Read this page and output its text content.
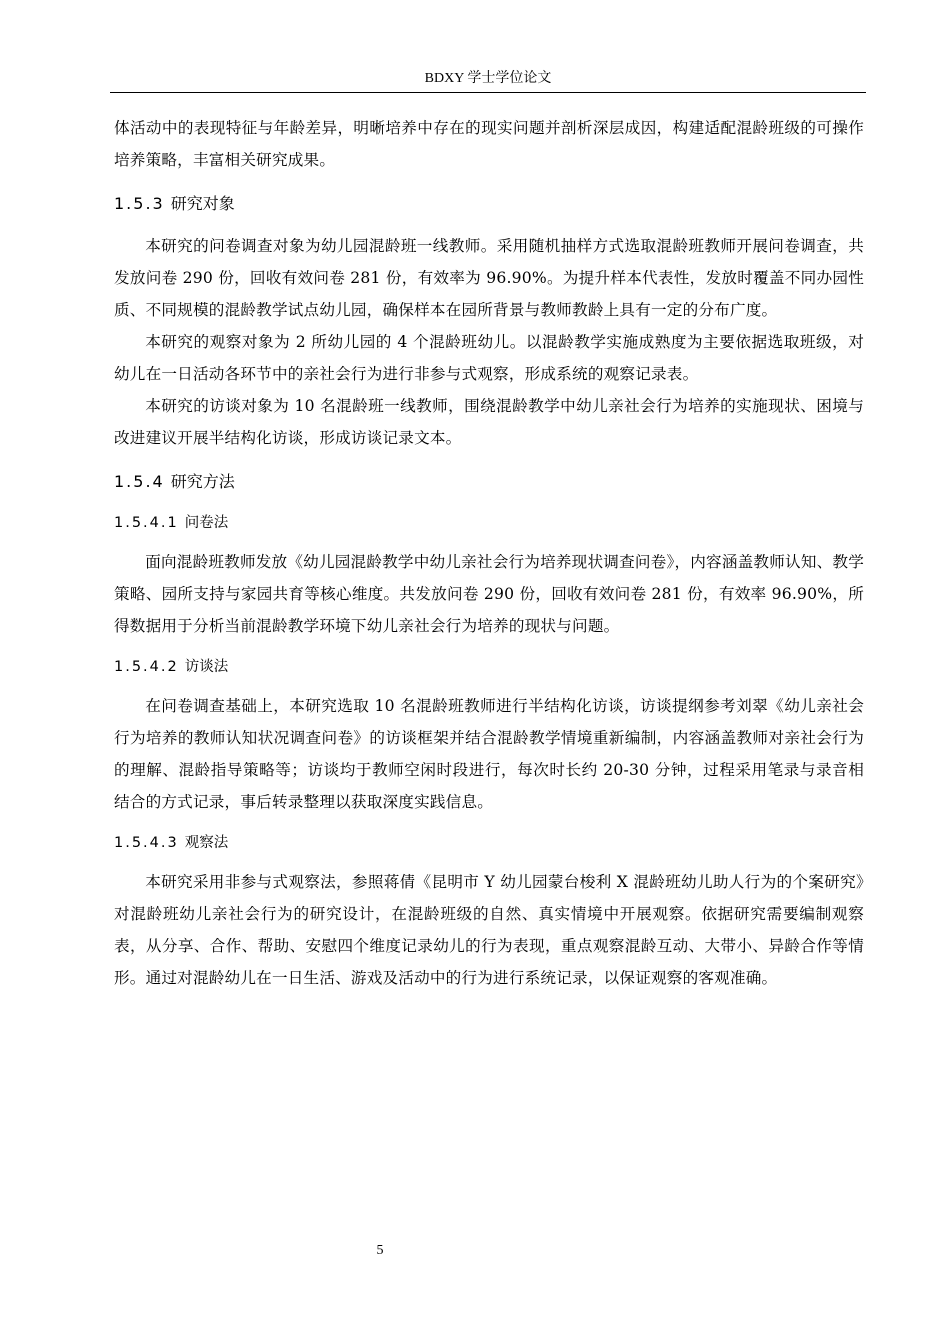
BDXY 学士学位论文

体活动中的表现特征与年龄差异，明晰培养中存在的现实问题并剖析深层成因，构建适配混龄班级的可操作培养策略，丰富相关研究成果。

1.5.3 研究对象

本研究的问卷调查对象为幼儿园混龄班一线教师。采用随机抽样方式选取混龄班教师开展问卷调查，共发放问卷 290 份，回收有效问卷 281 份，有效率为 96.90%。为提升样本代表性，发放时覆盖不同办园性质、不同规模的混龄教学试点幼儿园，确保样本在园所背景与教师教龄上具有一定的分布广度。

本研究的观察对象为 2 所幼儿园的 4 个混龄班幼儿。以混龄教学实施成熟度为主要依据选取班级，对幼儿在一日活动各环节中的亲社会行为进行非参与式观察，形成系统的观察记录表。

本研究的访谈对象为 10 名混龄班一线教师，围绕混龄教学中幼儿亲社会行为培养的实施现状、困境与改进建议开展半结构化访谈，形成访谈记录文本。

1.5.4 研究方法
1.5.4.1 问卷法

面向混龄班教师发放《幼儿园混龄教学中幼儿亲社会行为培养现状调查问卷》，内容涵盖教师认知、教学策略、园所支持与家园共育等核心维度。共发放问卷 290 份，回收有效问卷 281 份，有效率 96.90%，所得数据用于分析当前混龄教学环境下幼儿亲社会行为培养的现状与问题。

1.5.4.2 访谈法

在问卷调查基础上，本研究选取 10 名混龄班教师进行半结构化访谈，访谈提纲参考刘翠《幼儿亲社会行为培养的教师认知状况调查问卷》的访谈框架并结合混龄教学情境重新编制，内容涵盖教师对亲社会行为的理解、混龄指导策略等；访谈均于教师空闲时段进行，每次时长约 20-30 分钟，过程采用笔录与录音相结合的方式记录，事后转录整理以获取深度实践信息。

1.5.4.3 观察法

本研究采用非参与式观察法，参照蒋倩《昆明市 Y 幼儿园蒙台梭利 X 混龄班幼儿助人行为的个案研究》对混龄班幼儿亲社会行为的研究设计，在混龄班级的自然、真实情境中开展观察。依据研究需要编制观察表，从分享、合作、帮助、安慰四个维度记录幼儿的行为表现，重点观察混龄互动、大带小、异龄合作等情形。通过对混龄幼儿在一日生活、游戏及活动中的行为进行系统记录，以保证观察的客观准确。

5
